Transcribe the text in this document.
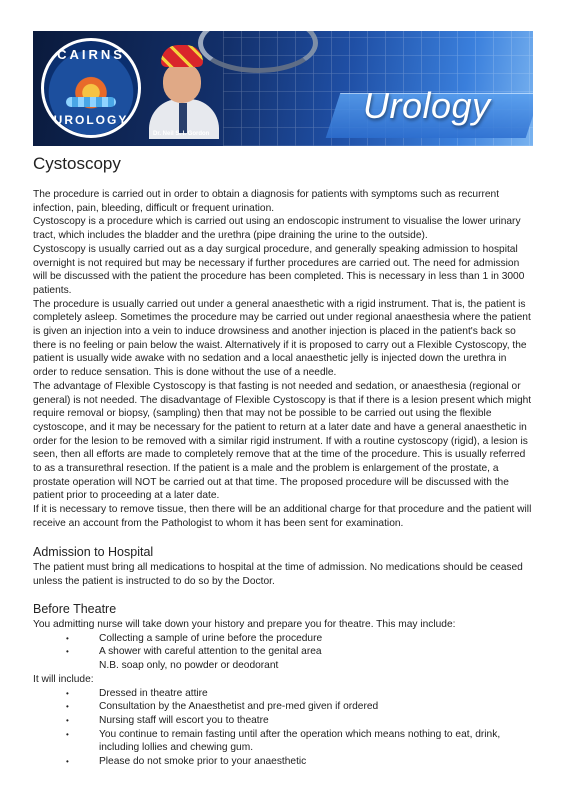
Urology
CAIRNS
UROLOGY
Dr. Neil S. I. Gordon
Cystoscopy

The procedure is carried out in order to obtain a diagnosis for patients with symptoms such as recurrent infection, pain, bleeding, difficult or frequent urination.

Cystoscopy is a procedure which is carried out using an endoscopic instrument to visualise the lower urinary tract, which includes the bladder and the urethra (pipe draining the urine to the outside).

Cystoscopy is usually carried out as a day surgical procedure, and generally speaking admission to hospital overnight is not required but may be necessary if further procedures are carried out. The need for admission will be discussed with the patient the procedure has been completed. This is necessary in less than 1 in 3000 patients.

The procedure is usually carried out under a general anaesthetic with a rigid instrument. That is, the patient is completely asleep. Sometimes the procedure may be carried out under regional anaesthesia where the patient is given an injection into a vein to induce drowsiness and another injection is placed in the patient's back so there is no feeling or pain below the waist. Alternatively if it is proposed to carry out a Flexible Cystoscopy, the patient is usually wide awake with no sedation and a local anaesthetic jelly is injected down the urethra in order to reduce sensation. This is done without the use of a needle.

The advantage of Flexible Cystoscopy is that fasting is not needed and sedation, or anaesthesia (regional or general) is not needed. The disadvantage of Flexible Cystoscopy is that if there is a lesion present which might require removal or biopsy, (sampling) then that may not be possible to be carried out using the flexible cystoscope, and it may be necessary for the patient to return at a later date and have a general anaesthetic in order for the lesion to be removed with a similar rigid instrument. If with a routine cystoscopy (rigid), a lesion is seen, then all efforts are made to completely remove that at the time of the procedure. This is usually referred to as a transurethral resection. If the patient is a male and the problem is enlargement of the prostate, a prostate operation will NOT be carried out at that time. The proposed procedure will be discussed with the patient prior to proceeding at a later date.

If it is necessary to remove tissue, then there will be an additional charge for that procedure and the patient will receive an account from the Pathologist to whom it has been sent for examination.

Admission to Hospital

The patient must bring all medications to hospital at the time of admission. No medications should be ceased unless the patient is instructed to do so by the Doctor.

Before Theatre

You admitting nurse will take down your history and prepare you for theatre. This may include:

• Collecting a sample of urine before the procedure
• A shower with careful attention to the genital area
N.B. soap only, no powder or deodorant

It will include:

• Dressed in theatre attire
• Consultation by the Anaesthetist and pre-med given if ordered
• Nursing staff will escort you to theatre
• You continue to remain fasting until after the operation which means nothing to eat, drink, including lollies and chewing gum.
• Please do not smoke prior to your anaesthetic
